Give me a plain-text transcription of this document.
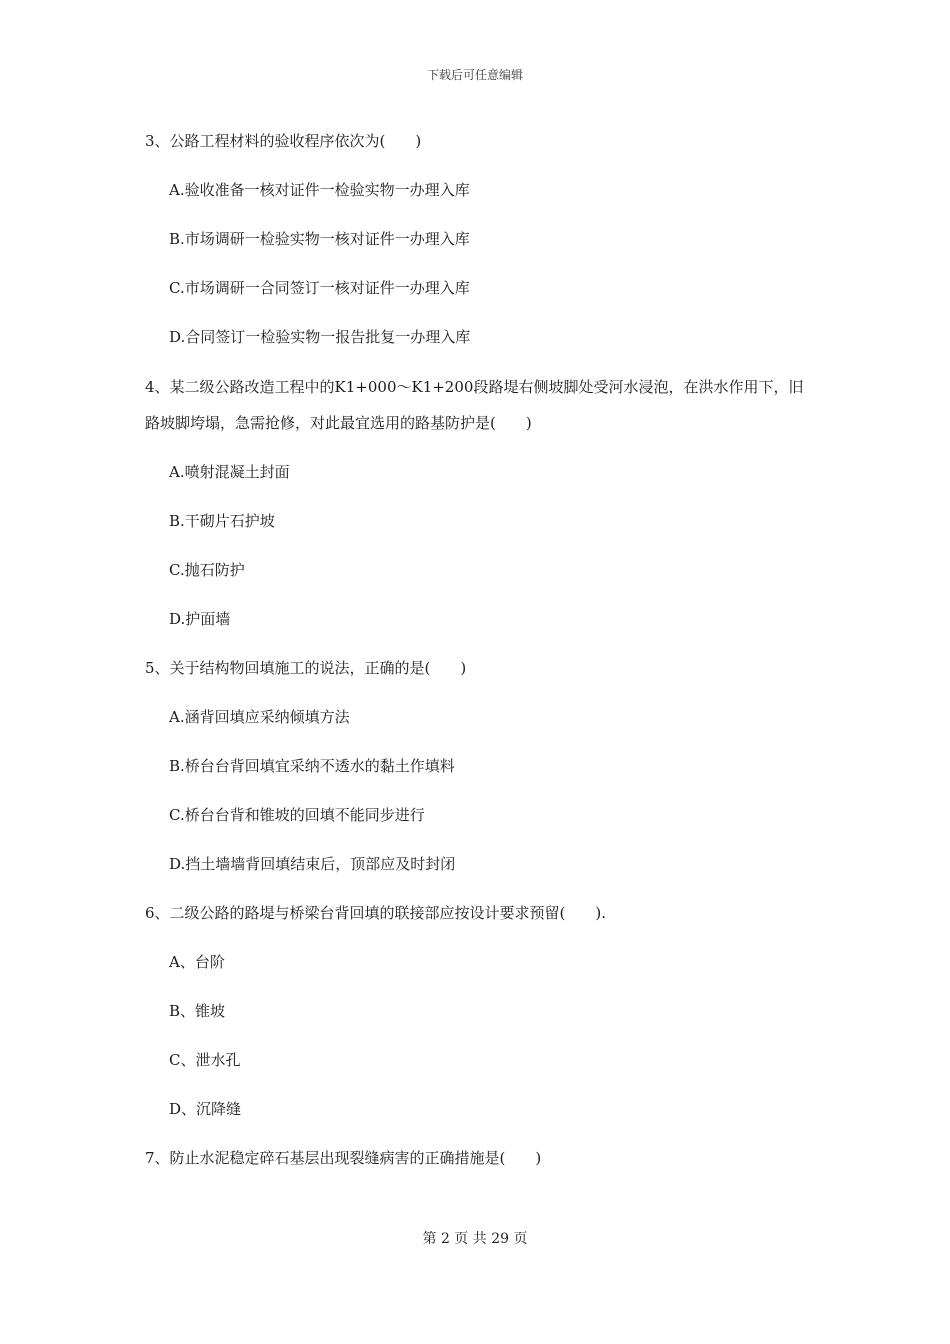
下载后可任意编辑
3、公路工程材料的验收程序依次为(　　)
A.验收准备一核对证件一检验实物一办理入库
B.市场调研一检验实物一核对证件一办理入库
C.市场调研一合同签订一核对证件一办理入库
D.合同签订一检验实物一报告批复一办理入库
4、某二级公路改造工程中的K1+000～K1+200段路堤右侧坡脚处受河水浸泡，在洪水作用下，旧路坡脚垮塌，急需抢修，对此最宜选用的路基防护是(　　)
A.喷射混凝土封面
B.干砌片石护坡
C.抛石防护
D.护面墙
5、关于结构物回填施工的说法，正确的是(　　)
A.涵背回填应采纳倾填方法
B.桥台台背回填宜采纳不透水的黏土作填料
C.桥台台背和锥坡的回填不能同步进行
D.挡土墙墙背回填结束后，顶部应及时封闭
6、二级公路的路堤与桥梁台背回填的联接部应按设计要求预留(　　).
A、台阶
B、锥坡
C、泄水孔
D、沉降缝
7、防止水泥稳定碎石基层出现裂缝病害的正确措施是(　　)
第 2 页 共 29 页
